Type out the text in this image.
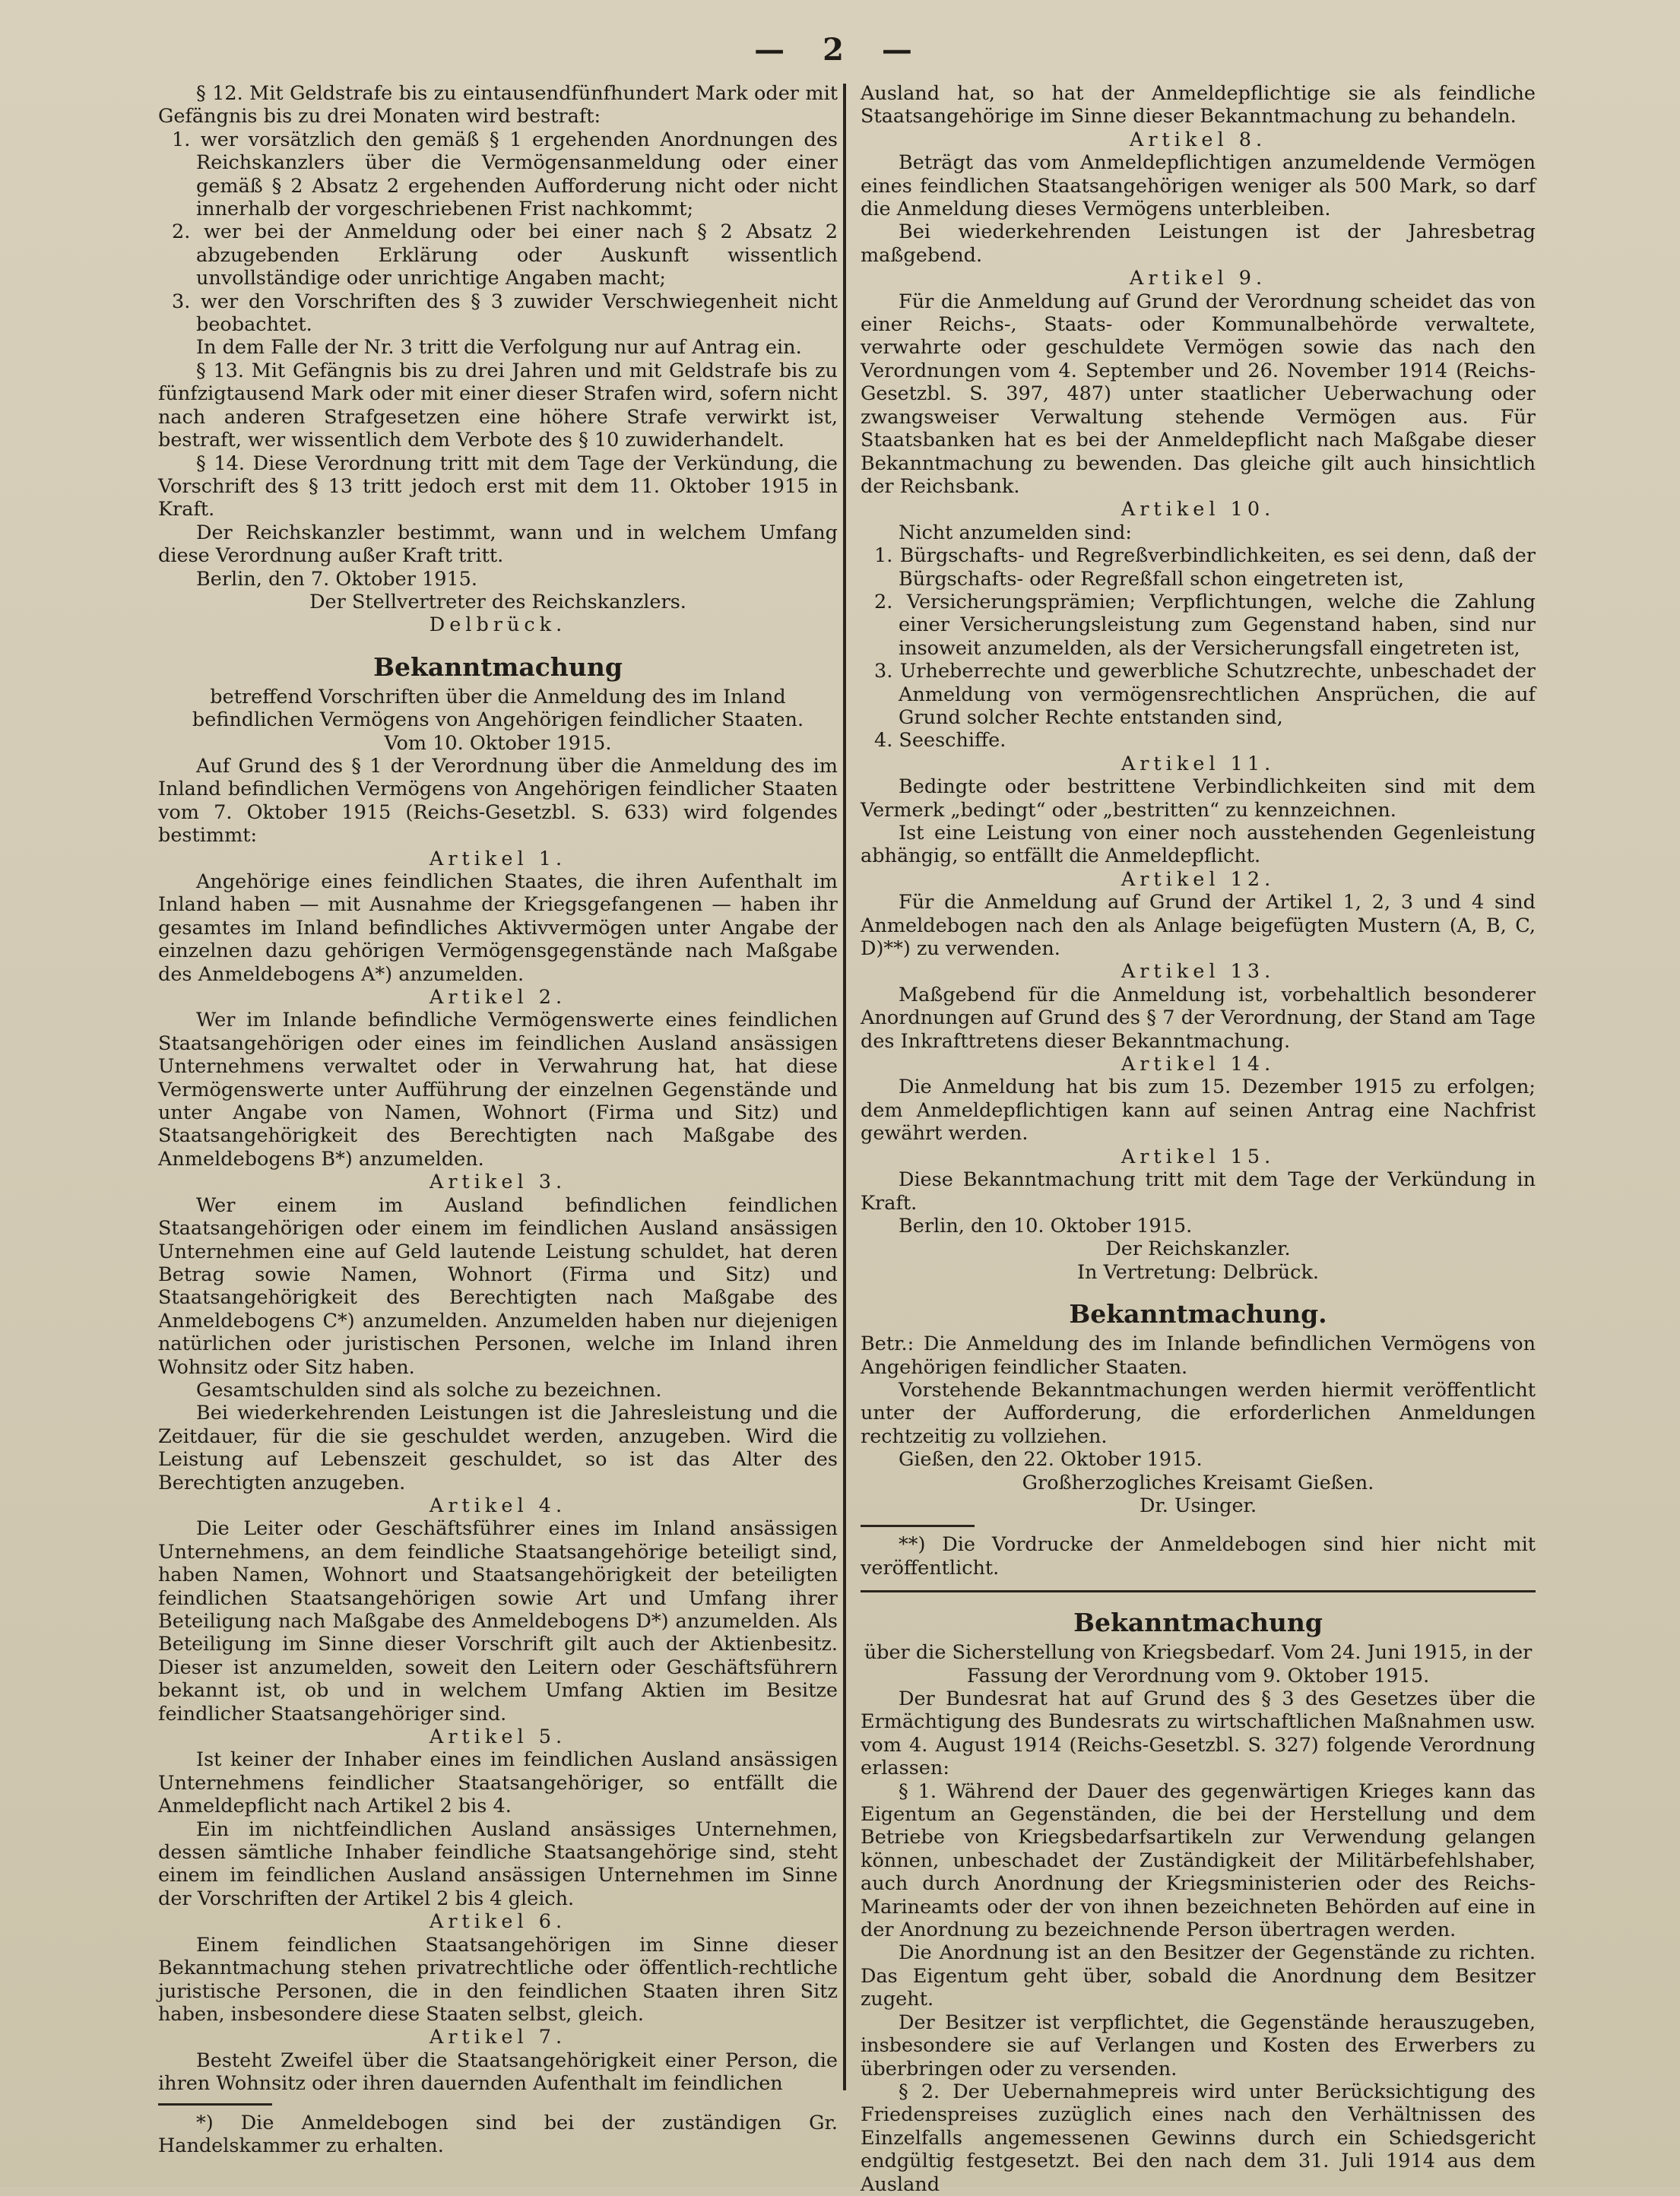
— 2 —

§ 12. Mit Geldstrafe bis zu eintausendfünfhundert Mark oder mit Gefängnis bis zu drei Monaten wird bestraft:

1. wer vorsätzlich den gemäß § 1 ergehenden Anordnungen des Reichskanzlers über die Vermögensanmeldung oder einer gemäß § 2 Absatz 2 ergehenden Aufforderung nicht oder nicht innerhalb der vorgeschriebenen Frist nachkommt;

2. wer bei der Anmeldung oder bei einer nach § 2 Absatz 2 abzugebenden Erklärung oder Auskunft wissentlich unvollständige oder unrichtige Angaben macht;

3. wer den Vorschriften des § 3 zuwider Verschwiegenheit nicht beobachtet.

In dem Falle der Nr. 3 tritt die Verfolgung nur auf Antrag ein.

§ 13. Mit Gefängnis bis zu drei Jahren und mit Geldstrafe bis zu fünfzigtausend Mark oder mit einer dieser Strafen wird, sofern nicht nach anderen Strafgesetzen eine höhere Strafe verwirkt ist, bestraft, wer wissentlich dem Verbote des § 10 zuwiderhandelt.

§ 14. Diese Verordnung tritt mit dem Tage der Verkündung, die Vorschrift des § 13 tritt jedoch erst mit dem 11. Oktober 1915 in Kraft.

Der Reichskanzler bestimmt, wann und in welchem Umfang diese Verordnung außer Kraft tritt.

Berlin, den 7. Oktober 1915.

Der Stellvertreter des Reichskanzlers.

Delbrück.

Bekanntmachung

betreffend Vorschriften über die Anmeldung des im Inland befindlichen Vermögens von Angehörigen feindlicher Staaten.

Vom 10. Oktober 1915.

Auf Grund des § 1 der Verordnung über die Anmeldung des im Inland befindlichen Vermögens von Angehörigen feindlicher Staaten vom 7. Oktober 1915 (Reichs-Gesetzbl. S. 633) wird folgendes bestimmt:

Artikel 1.

Angehörige eines feindlichen Staates, die ihren Aufenthalt im Inland haben — mit Ausnahme der Kriegsgefangenen — haben ihr gesamtes im Inland befindliches Aktivvermögen unter Angabe der einzelnen dazu gehörigen Vermögensgegenstände nach Maßgabe des Anmeldebogens A*) anzumelden.

Artikel 2.

Wer im Inlande befindliche Vermögenswerte eines feindlichen Staatsangehörigen oder eines im feindlichen Ausland ansässigen Unternehmens verwaltet oder in Verwahrung hat, hat diese Vermögenswerte unter Aufführung der einzelnen Gegenstände und unter Angabe von Namen, Wohnort (Firma und Sitz) und Staatsangehörigkeit des Berechtigten nach Maßgabe des Anmeldebogens B*) anzumelden.

Artikel 3.

Wer einem im Ausland befindlichen feindlichen Staatsangehörigen oder einem im feindlichen Ausland ansässigen Unternehmen eine auf Geld lautende Leistung schuldet, hat deren Betrag sowie Namen, Wohnort (Firma und Sitz) und Staatsangehörigkeit des Berechtigten nach Maßgabe des Anmeldebogens C*) anzumelden. Anzumelden haben nur diejenigen natürlichen oder juristischen Personen, welche im Inland ihren Wohnsitz oder Sitz haben.

Gesamtschulden sind als solche zu bezeichnen.

Bei wiederkehrenden Leistungen ist die Jahresleistung und die Zeitdauer, für die sie geschuldet werden, anzugeben. Wird die Leistung auf Lebenszeit geschuldet, so ist das Alter des Berechtigten anzugeben.

Artikel 4.

Die Leiter oder Geschäftsführer eines im Inland ansässigen Unternehmens, an dem feindliche Staatsangehörige beteiligt sind, haben Namen, Wohnort und Staatsangehörigkeit der beteiligten feindlichen Staatsangehörigen sowie Art und Umfang ihrer Beteiligung nach Maßgabe des Anmeldebogens D*) anzumelden. Als Beteiligung im Sinne dieser Vorschrift gilt auch der Aktienbesitz. Dieser ist anzumelden, soweit den Leitern oder Geschäftsführern bekannt ist, ob und in welchem Umfang Aktien im Besitze feindlicher Staatsangehöriger sind.

Artikel 5.

Ist keiner der Inhaber eines im feindlichen Ausland ansässigen Unternehmens feindlicher Staatsangehöriger, so entfällt die Anmeldepflicht nach Artikel 2 bis 4.

Ein im nichtfeindlichen Ausland ansässiges Unternehmen, dessen sämtliche Inhaber feindliche Staatsangehörige sind, steht einem im feindlichen Ausland ansässigen Unternehmen im Sinne der Vorschriften der Artikel 2 bis 4 gleich.

Artikel 6.

Einem feindlichen Staatsangehörigen im Sinne dieser Bekanntmachung stehen privatrechtliche oder öffentlich-rechtliche juristische Personen, die in den feindlichen Staaten ihren Sitz haben, insbesondere diese Staaten selbst, gleich.

Artikel 7.

Besteht Zweifel über die Staatsangehörigkeit einer Person, die ihren Wohnsitz oder ihren dauernden Aufenthalt im feindlichen

*) Die Anmeldebogen sind bei der zuständigen Gr. Handelskammer zu erhalten.

Ausland hat, so hat der Anmeldepflichtige sie als feindliche Staatsangehörige im Sinne dieser Bekanntmachung zu behandeln.

Artikel 8.

Beträgt das vom Anmeldepflichtigen anzumeldende Vermögen eines feindlichen Staatsangehörigen weniger als 500 Mark, so darf die Anmeldung dieses Vermögens unterbleiben.

Bei wiederkehrenden Leistungen ist der Jahresbetrag maßgebend.

Artikel 9.

Für die Anmeldung auf Grund der Verordnung scheidet das von einer Reichs-, Staats- oder Kommunalbehörde verwaltete, verwahrte oder geschuldete Vermögen sowie das nach den Verordnungen vom 4. September und 26. November 1914 (Reichs-Gesetzbl. S. 397, 487) unter staatlicher Ueberwachung oder zwangsweiser Verwaltung stehende Vermögen aus. Für Staatsbanken hat es bei der Anmeldepflicht nach Maßgabe dieser Bekanntmachung zu bewenden. Das gleiche gilt auch hinsichtlich der Reichsbank.

Artikel 10.

Nicht anzumelden sind:

1. Bürgschafts- und Regreßverbindlichkeiten, es sei denn, daß der Bürgschafts- oder Regreßfall schon eingetreten ist,

2. Versicherungsprämien; Verpflichtungen, welche die Zahlung einer Versicherungsleistung zum Gegenstand haben, sind nur insoweit anzumelden, als der Versicherungsfall eingetreten ist,

3. Urheberrechte und gewerbliche Schutzrechte, unbeschadet der Anmeldung von vermögensrechtlichen Ansprüchen, die auf Grund solcher Rechte entstanden sind,

4. Seeschiffe.

Artikel 11.

Bedingte oder bestrittene Verbindlichkeiten sind mit dem Vermerk „bedingt“ oder „bestritten“ zu kennzeichnen.

Ist eine Leistung von einer noch ausstehenden Gegenleistung abhängig, so entfällt die Anmeldepflicht.

Artikel 12.

Für die Anmeldung auf Grund der Artikel 1, 2, 3 und 4 sind Anmeldebogen nach den als Anlage beigefügten Mustern (A, B, C, D)**) zu verwenden.

Artikel 13.

Maßgebend für die Anmeldung ist, vorbehaltlich besonderer Anordnungen auf Grund des § 7 der Verordnung, der Stand am Tage des Inkrafttretens dieser Bekanntmachung.

Artikel 14.

Die Anmeldung hat bis zum 15. Dezember 1915 zu erfolgen; dem Anmeldepflichtigen kann auf seinen Antrag eine Nachfrist gewährt werden.

Artikel 15.

Diese Bekanntmachung tritt mit dem Tage der Verkündung in Kraft.

Berlin, den 10. Oktober 1915.

Der Reichskanzler.

In Vertretung: Delbrück.

Bekanntmachung.

Betr.: Die Anmeldung des im Inlande befindlichen Vermögens von Angehörigen feindlicher Staaten.

Vorstehende Bekanntmachungen werden hiermit veröffentlicht unter der Aufforderung, die erforderlichen Anmeldungen rechtzeitig zu vollziehen.

Gießen, den 22. Oktober 1915.

Großherzogliches Kreisamt Gießen.

Dr. Usinger.

**) Die Vordrucke der Anmeldebogen sind hier nicht mit veröffentlicht.

Bekanntmachung

über die Sicherstellung von Kriegsbedarf. Vom 24. Juni 1915, in der Fassung der Verordnung vom 9. Oktober 1915.

Der Bundesrat hat auf Grund des § 3 des Gesetzes über die Ermächtigung des Bundesrats zu wirtschaftlichen Maßnahmen usw. vom 4. August 1914 (Reichs-Gesetzbl. S. 327) folgende Verordnung erlassen:

§ 1. Während der Dauer des gegenwärtigen Krieges kann das Eigentum an Gegenständen, die bei der Herstellung und dem Betriebe von Kriegsbedarfsartikeln zur Verwendung gelangen können, unbeschadet der Zuständigkeit der Militärbefehlshaber, auch durch Anordnung der Kriegsministerien oder des Reichs-Marineamts oder der von ihnen bezeichneten Behörden auf eine in der Anordnung zu bezeichnende Person übertragen werden.

Die Anordnung ist an den Besitzer der Gegenstände zu richten. Das Eigentum geht über, sobald die Anordnung dem Besitzer zugeht.

Der Besitzer ist verpflichtet, die Gegenstände herauszugeben, insbesondere sie auf Verlangen und Kosten des Erwerbers zu überbringen oder zu versenden.

§ 2. Der Uebernahmepreis wird unter Berücksichtigung des Friedenspreises zuzüglich eines nach den Verhältnissen des Einzelfalls angemessenen Gewinns durch ein Schiedsgericht endgültig festgesetzt. Bei den nach dem 31. Juli 1914 aus dem Ausland
